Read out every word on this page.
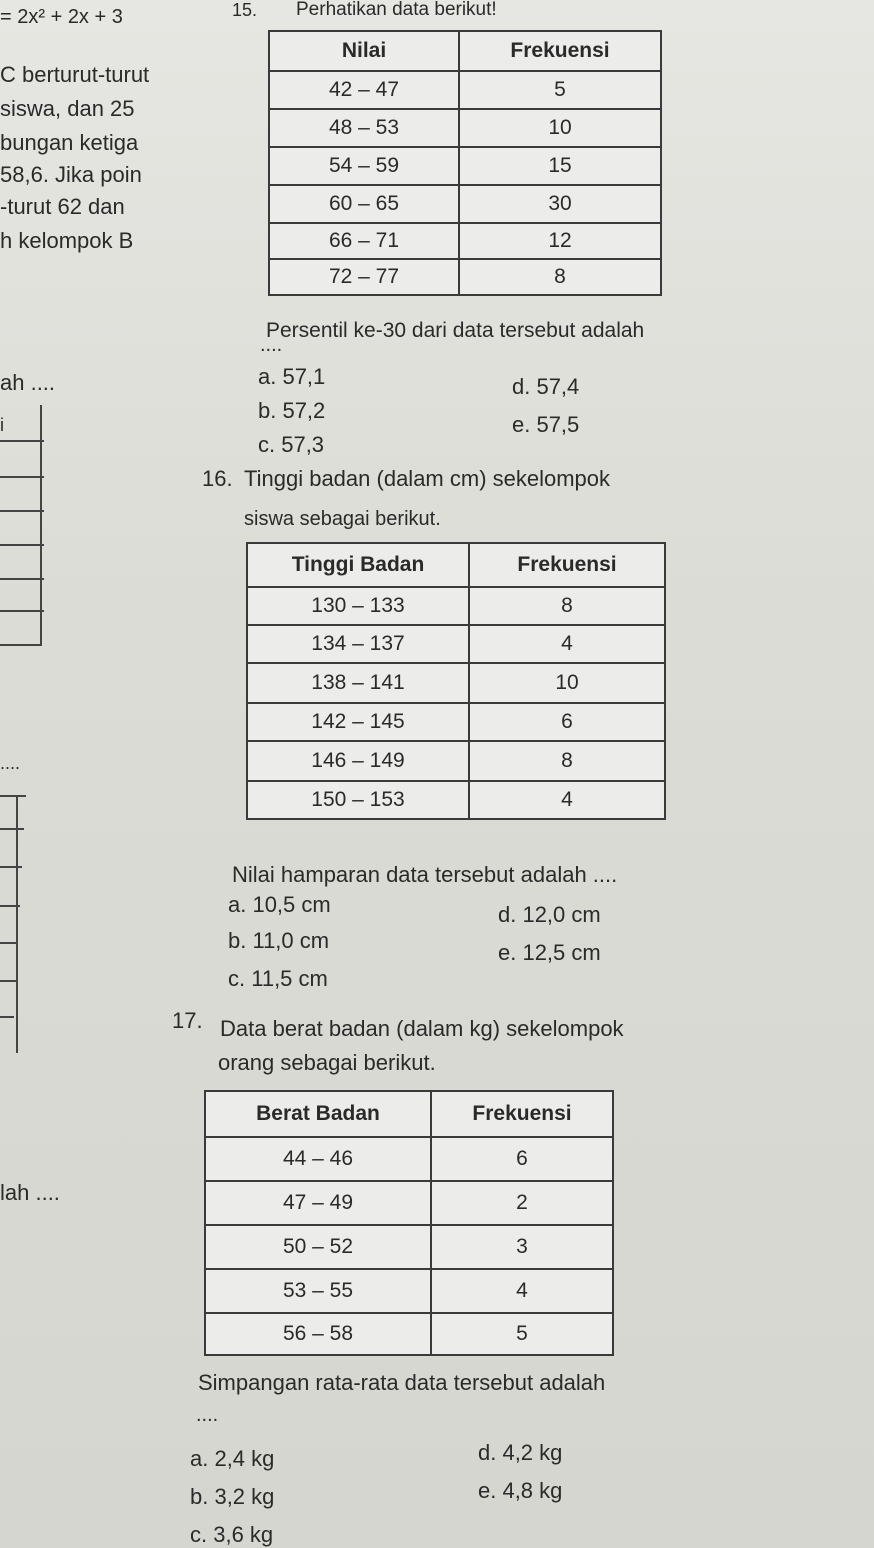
= 2x² + 2x + 3
C berturut-turut
siswa, dan 25
bungan ketiga
58,6. Jika poin
-turut 62 dan
h kelompok B
ah ....
i
....
lah ....
15. Perhatikan data berikut!
Nilai	Frekuensi
42 – 47	5
48 – 53	10
54 – 59	15
60 – 65	30
66 – 71	12
72 – 77	8
Persentil ke-30 dari data tersebut adalah
....
a. 57,1
b. 57,2
c. 57,3
d. 57,4
e. 57,5
16. Tinggi badan (dalam cm) sekelompok
siswa sebagai berikut.
Tinggi Badan	Frekuensi
130 – 133	8
134 – 137	4
138 – 141	10
142 – 145	6
146 – 149	8
150 – 153	4
Nilai hamparan data tersebut adalah ....
a. 10,5 cm
b. 11,0 cm
c. 11,5 cm
d. 12,0 cm
e. 12,5 cm
17. Data berat badan (dalam kg) sekelompok
orang sebagai berikut.
Berat Badan	Frekuensi
44 – 46	6
47 – 49	2
50 – 52	3
53 – 55	4
56 – 58	5
Simpangan rata-rata data tersebut adalah
....
a. 2,4 kg
b. 3,2 kg
c. 3,6 kg
d. 4,2 kg
e. 4,8 kg
